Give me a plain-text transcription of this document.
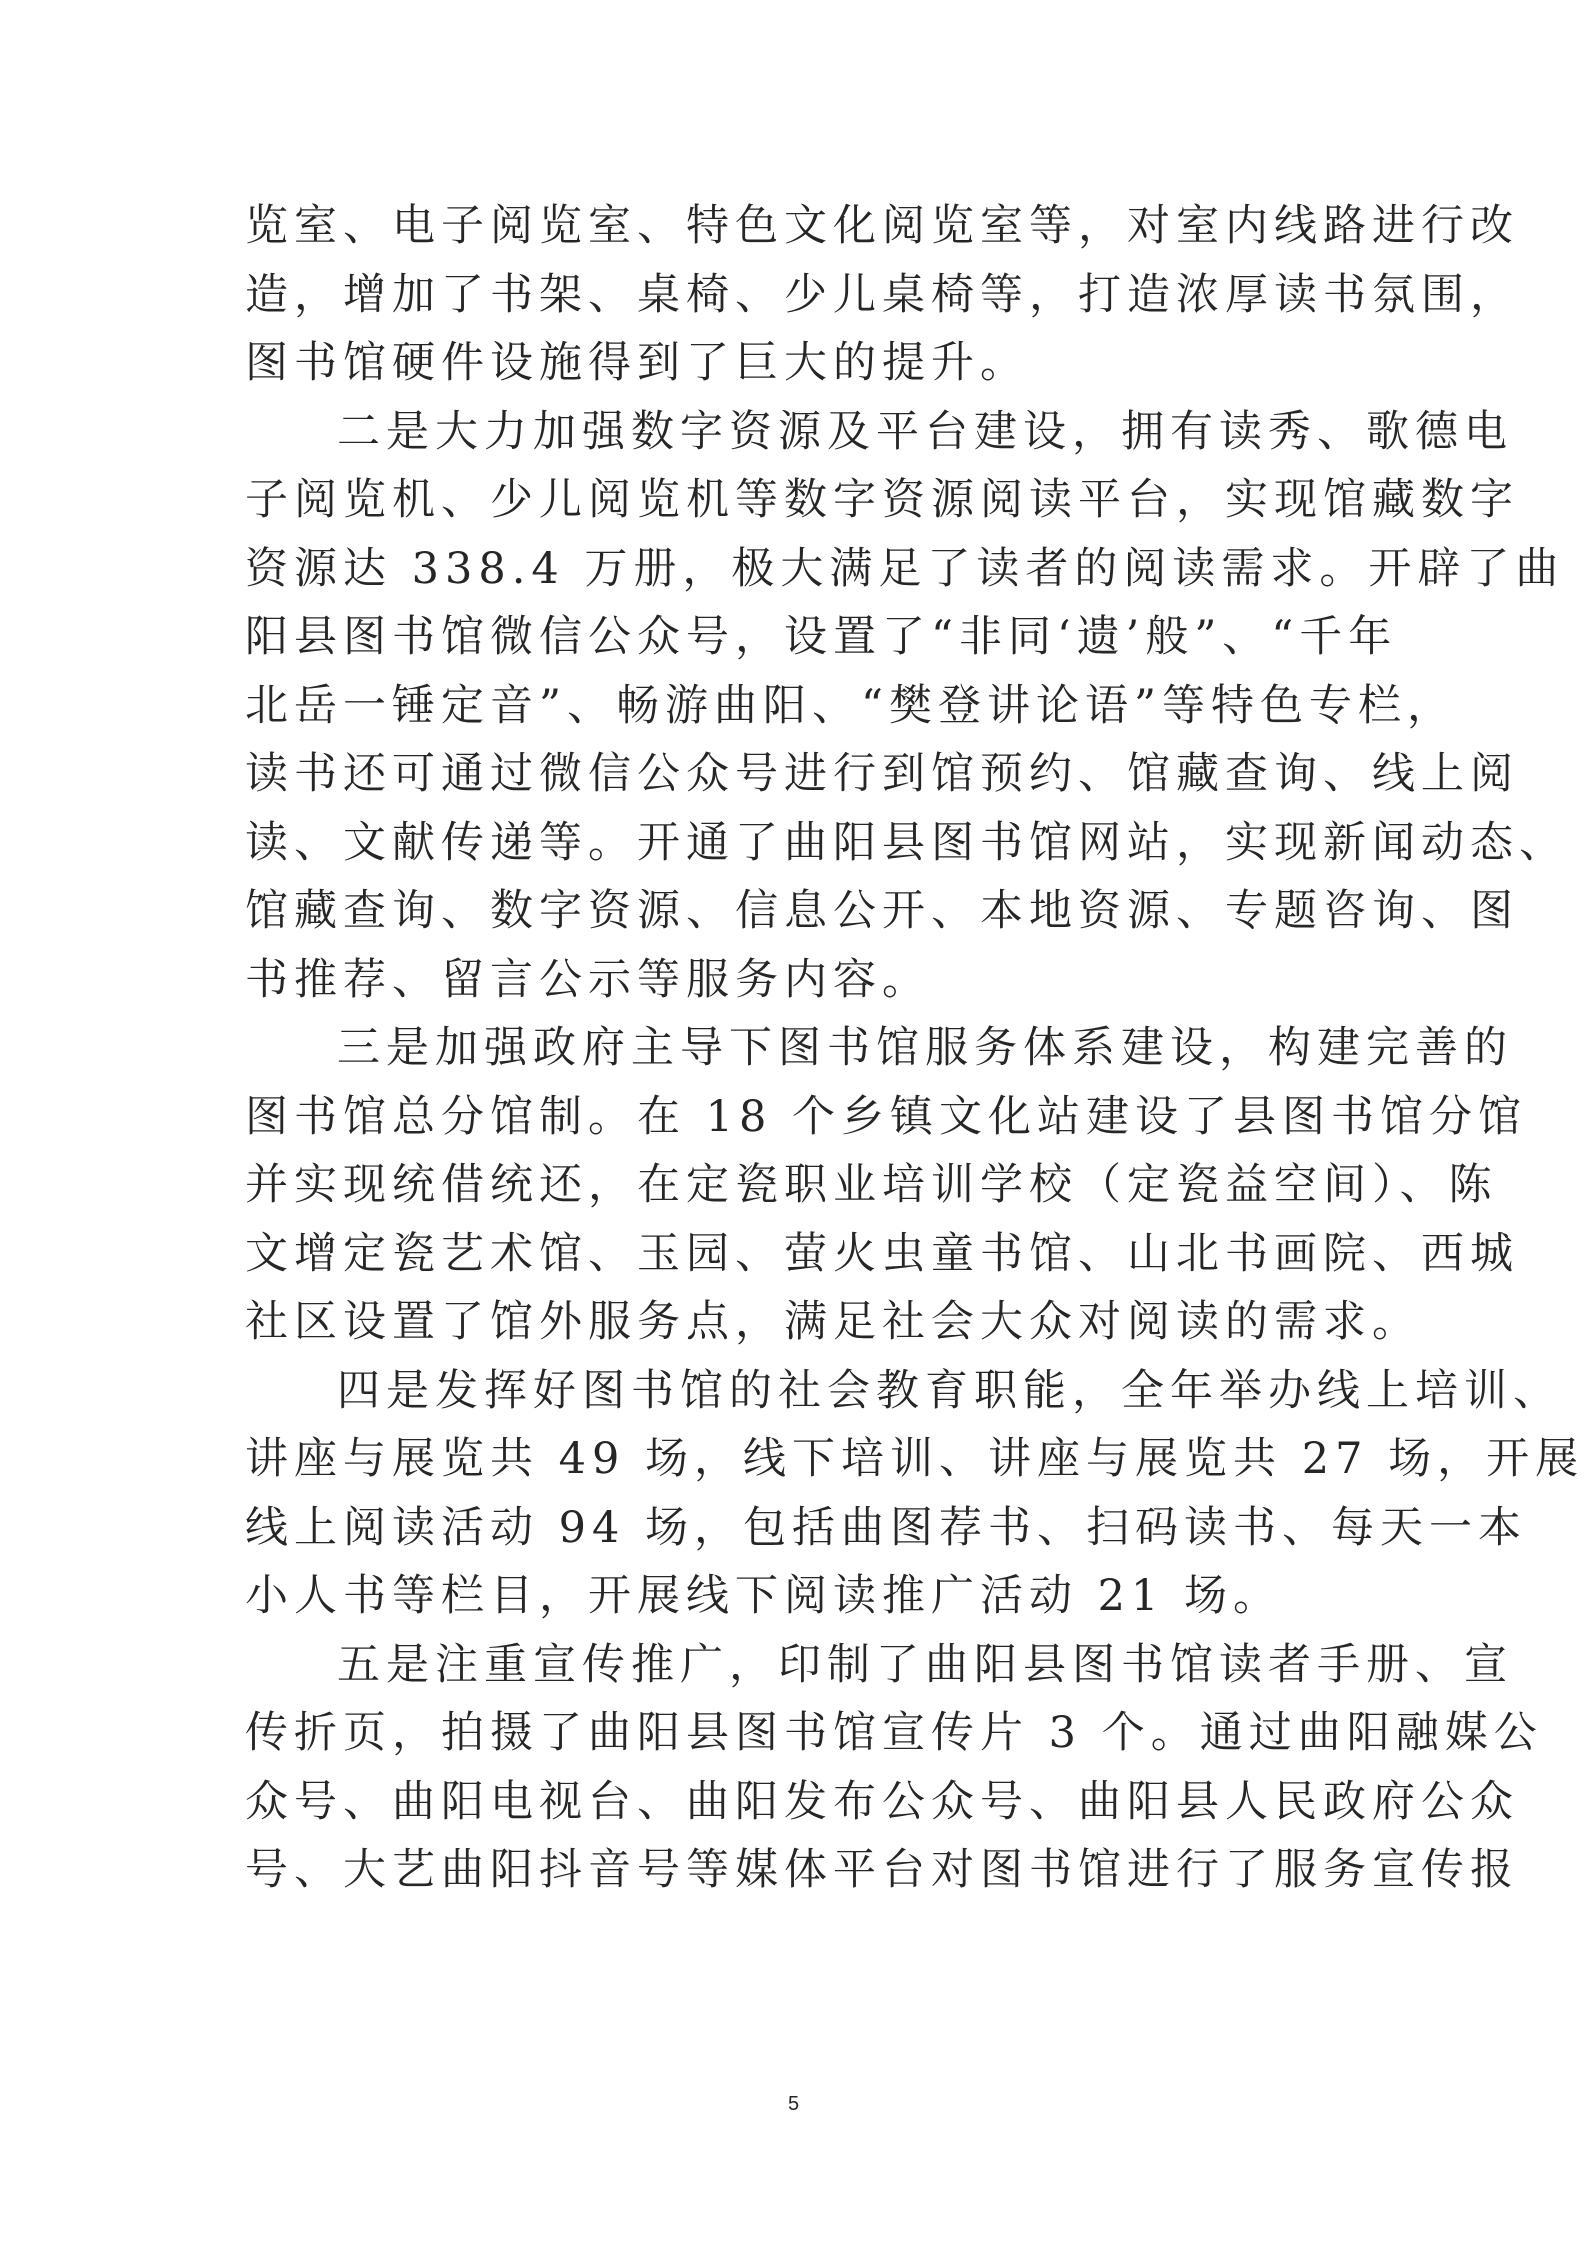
览室、电子阅览室、特色文化阅览室等，对室内线路进行改
造，增加了书架、桌椅、少儿桌椅等，打造浓厚读书氛围，
图书馆硬件设施得到了巨大的提升。
二是大力加强数字资源及平台建设，拥有读秀、歌德电
子阅览机、少儿阅览机等数字资源阅读平台，实现馆藏数字
资源达 338.4 万册，极大满足了读者的阅读需求。开辟了曲
阳县图书馆微信公众号，设置了“非同‘遗’般”、“千年
北岳一锤定音”、畅游曲阳、“樊登讲论语”等特色专栏，
读书还可通过微信公众号进行到馆预约、馆藏查询、线上阅
读、文献传递等。开通了曲阳县图书馆网站，实现新闻动态、
馆藏查询、数字资源、信息公开、本地资源、专题咨询、图
书推荐、留言公示等服务内容。
三是加强政府主导下图书馆服务体系建设，构建完善的
图书馆总分馆制。在 18 个乡镇文化站建设了县图书馆分馆
并实现统借统还，在定瓷职业培训学校（定瓷益空间）、陈
文增定瓷艺术馆、玉园、萤火虫童书馆、山北书画院、西城
社区设置了馆外服务点，满足社会大众对阅读的需求。
四是发挥好图书馆的社会教育职能，全年举办线上培训、
讲座与展览共 49 场，线下培训、讲座与展览共 27 场，开展
线上阅读活动 94 场，包括曲图荐书、扫码读书、每天一本
小人书等栏目，开展线下阅读推广活动 21 场。
五是注重宣传推广，印制了曲阳县图书馆读者手册、宣
传折页，拍摄了曲阳县图书馆宣传片 3 个。通过曲阳融媒公
众号、曲阳电视台、曲阳发布公众号、曲阳县人民政府公众
号、大艺曲阳抖音号等媒体平台对图书馆进行了服务宣传报
5
